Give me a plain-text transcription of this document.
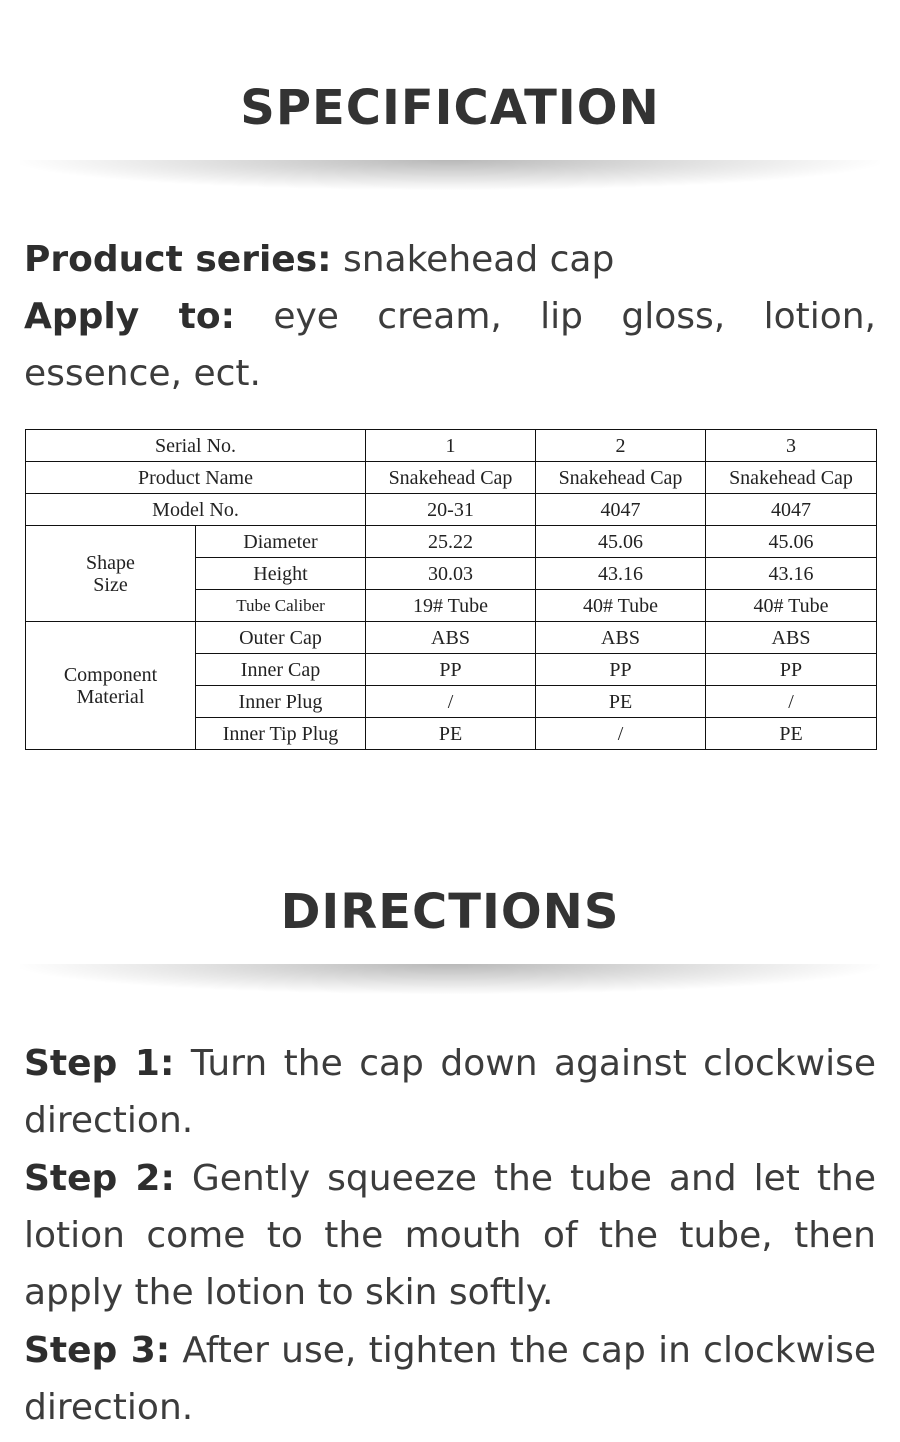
SPECIFICATION

Product series: snakehead cap

Apply to: eye cream, lip gloss, lotion, essence, ect.

Serial No.		1	2	3
Product Name		Snakehead Cap	Snakehead Cap	Snakehead Cap
Model No.		20-31	4047	4047
Shape
Size	Diameter	25.22	45.06	45.06
	Height	30.03	43.16	43.16
	Tube Caliber	19# Tube	40# Tube	40# Tube
Component
Material	Outer Cap	ABS	ABS	ABS
	Inner Cap	PP	PP	PP
	Inner Plug	/	PE	/
	Inner Tip Plug	PE	/	PE
DIRECTIONS

Step 1: Turn the cap down against clockwise direction.

Step 2: Gently squeeze the tube and let the lotion come to the mouth of the tube, then apply the lotion to skin softly.

Step 3: After use, tighten the cap in clockwise direction.
